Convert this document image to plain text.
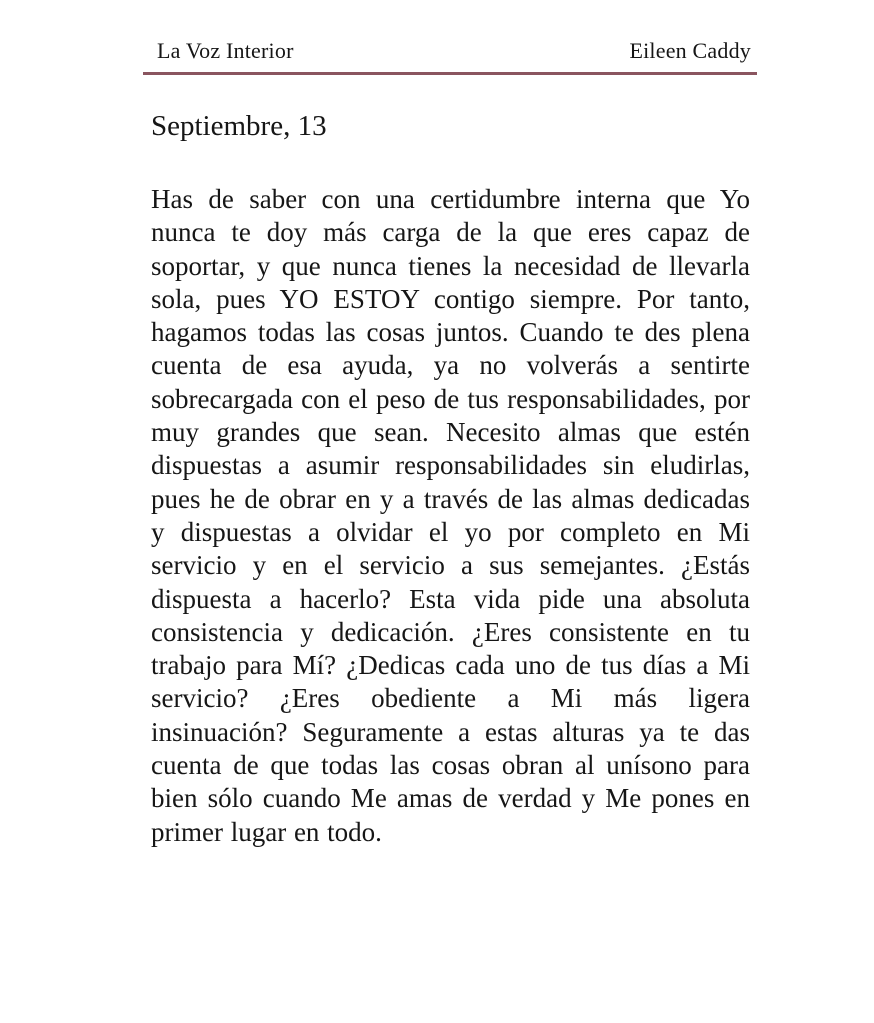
La Voz Interior	Eileen Caddy
Septiembre, 13

Has de saber con una certidumbre interna que Yo nunca te doy más carga de la que eres capaz de soportar, y que nunca tienes la necesidad de llevarla sola, pues YO ESTOY contigo siempre. Por tanto, hagamos todas las cosas juntos. Cuando te des plena cuenta de esa ayuda, ya no volverás a sentirte sobrecargada con el peso de tus responsabilidades, por muy grandes que sean. Necesito almas que estén dispuestas a asumir responsabilidades sin eludirlas, pues he de obrar en y a través de las almas dedicadas y dispuestas a olvidar el yo por completo en Mi servicio y en el servicio a sus semejantes. ¿Estás dispuesta a hacerlo? Esta vida pide una absoluta consistencia y dedicación. ¿Eres consistente en tu trabajo para Mí? ¿Dedicas cada uno de tus días a Mi servicio? ¿Eres obediente a Mi más ligera insinuación? Seguramente a estas alturas ya te das cuenta de que todas las cosas obran al unísono para bien sólo cuando Me amas de verdad y Me pones en primer lugar en todo.
